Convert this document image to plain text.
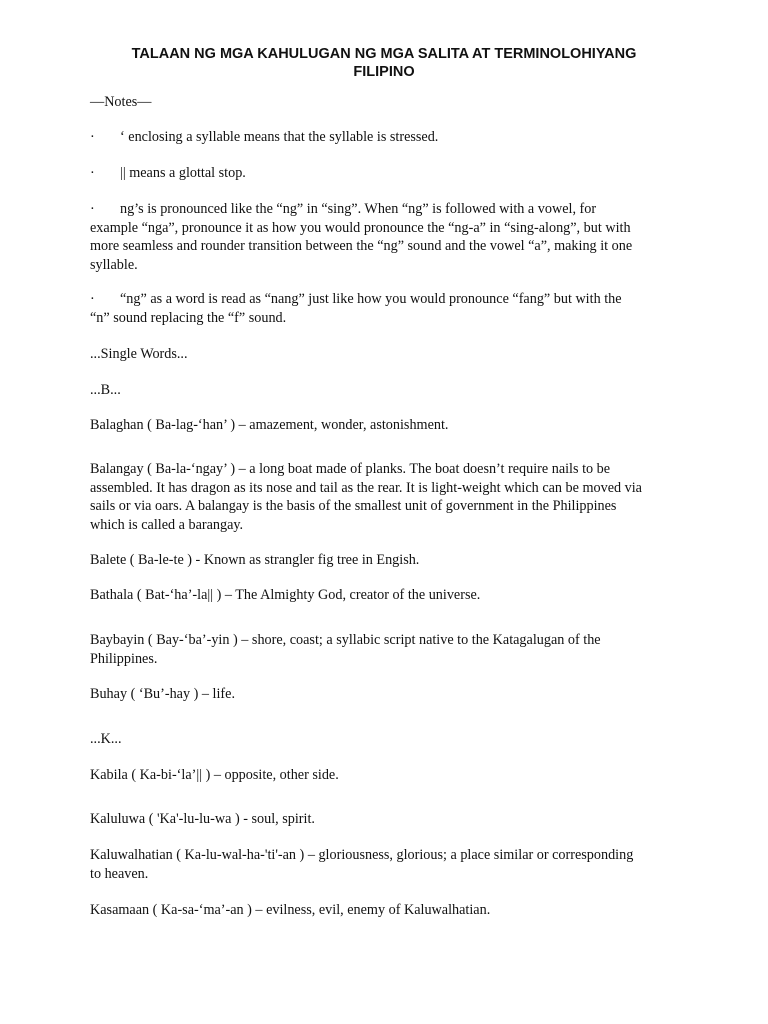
TALAAN NG MGA KAHULUGAN NG MGA SALITA AT TERMINOLOHIYANG
FILIPINO

—Notes—

· ‘ enclosing a syllable means that the syllable is stressed.

· || means a glottal stop.

· ng’s is pronounced like the “ng” in “sing”. When “ng” is followed with a vowel, for
example “nga”, pronounce it as how you would pronounce the “ng-a” in “sing-along”, but with
more seamless and rounder transition between the “ng” sound and the vowel “a”, making it one
syllable.
· “ng” as a word is read as “nang” just like how you would pronounce “fang” but with the
“n” sound replacing the “f” sound.

...Single Words...

...B...

Balaghan ( Ba-lag-‘han’ ) – amazement, wonder, astonishment.

Balangay ( Ba-la-‘ngay’ ) – a long boat made of planks. The boat doesn’t require nails to be
assembled. It has dragon as its nose and tail as the rear. It is light-weight which can be moved via
sails or via oars. A balangay is the basis of the smallest unit of government in the Philippines
which is called a barangay.

Balete ( Ba-le-te ) - Known as strangler fig tree in Engish.

Bathala ( Bat-‘ha’-la|| ) – The Almighty God, creator of the universe.

Baybayin ( Bay-‘ba’-yin ) – shore, coast; a syllabic script native to the Katagalugan of the
Philippines.

Buhay ( ‘Bu’-hay ) – life.

...K...

Kabila ( Ka-bi-‘la’|| ) – opposite, other side.

Kaluluwa ( 'Ka'-lu-lu-wa ) - soul, spirit.

Kaluwalhatian ( Ka-lu-wal-ha-'ti'-an ) – gloriousness, glorious; a place similar or corresponding
to heaven.

Kasamaan ( Ka-sa-‘ma’-an ) – evilness, evil, enemy of Kaluwalhatian.
